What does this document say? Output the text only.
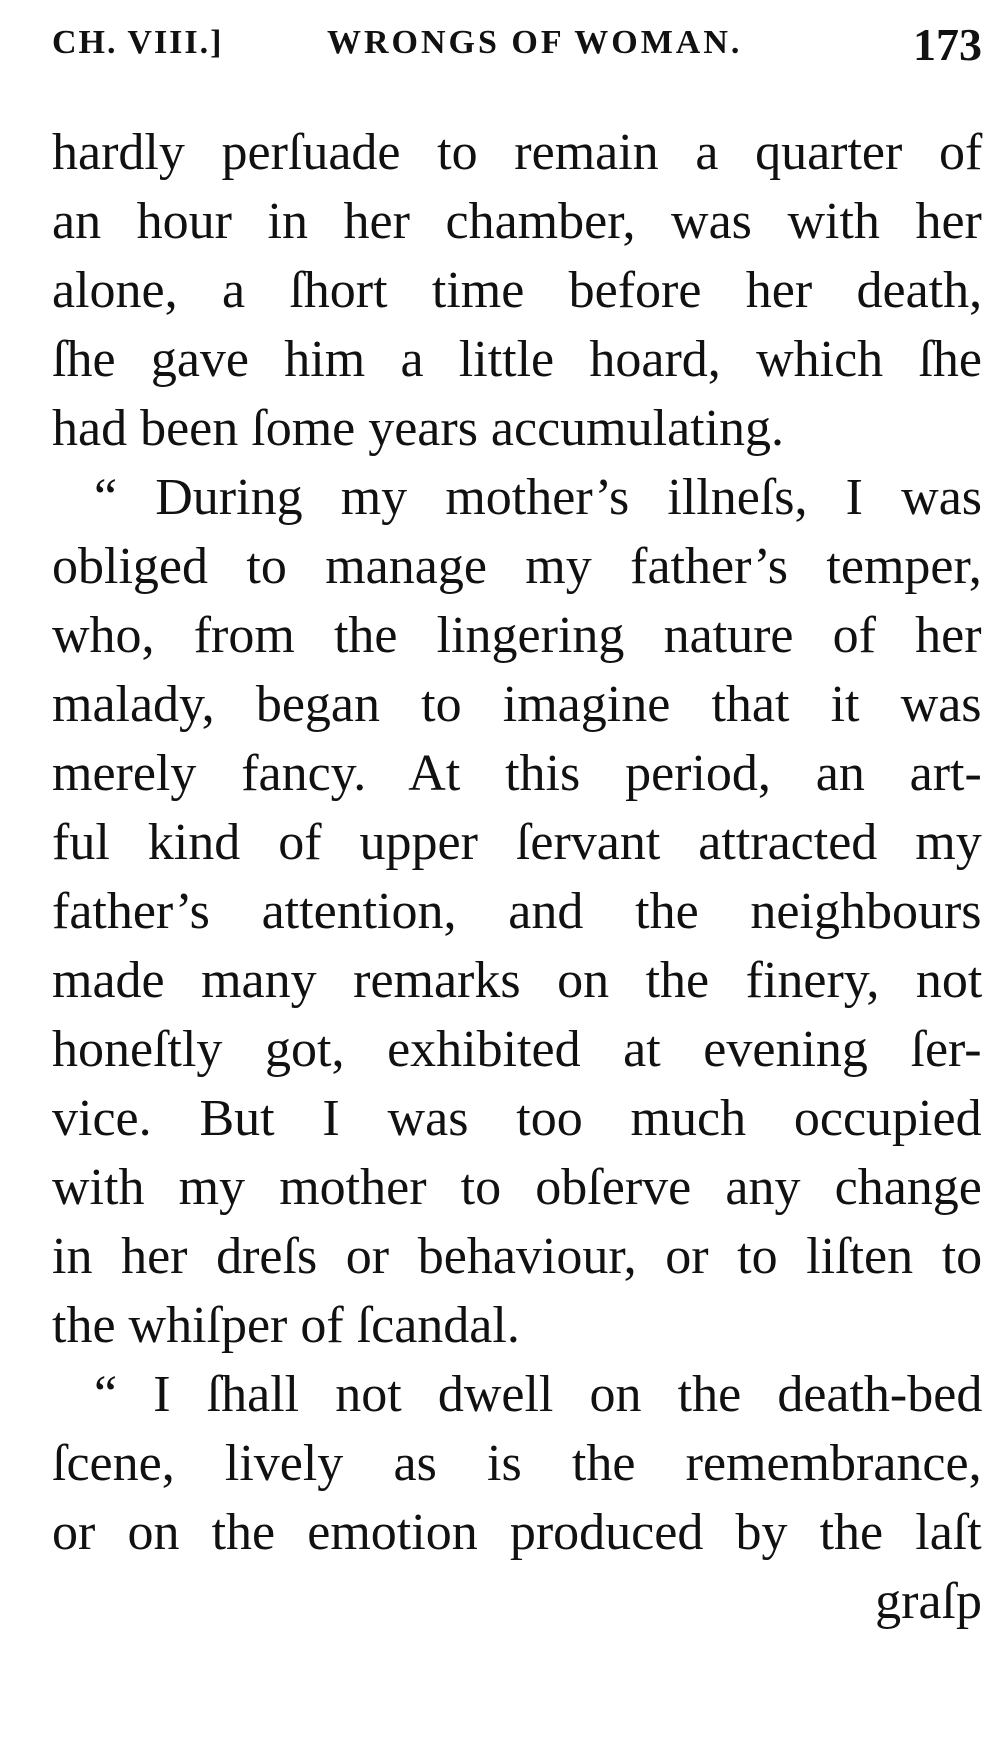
CH. VIII.]	WRONGS OF WOMAN.	173
hardly perſuade to remain a quarter of
an hour in her chamber, was with her
alone, a ſhort time before her death,
ſhe gave him a little hoard, which ſhe
had been ſome years accumulating.
“ During my mother’s illneſs, I was
obliged to manage my father’s temper,
who, from the lingering nature of her
malady, began to imagine that it was
merely fancy. At this period, an art-
ful kind of upper ſervant attracted my
father’s attention, and the neighbours
made many remarks on the finery, not
honeſtly got, exhibited at evening ſer-
vice. But I was too much occupied
with my mother to obſerve any change
in her dreſs or behaviour, or to liſten to
the whiſper of ſcandal.
“ I ſhall not dwell on the death-bed
ſcene, lively as is the remembrance,
or on the emotion produced by the laſt
graſp
